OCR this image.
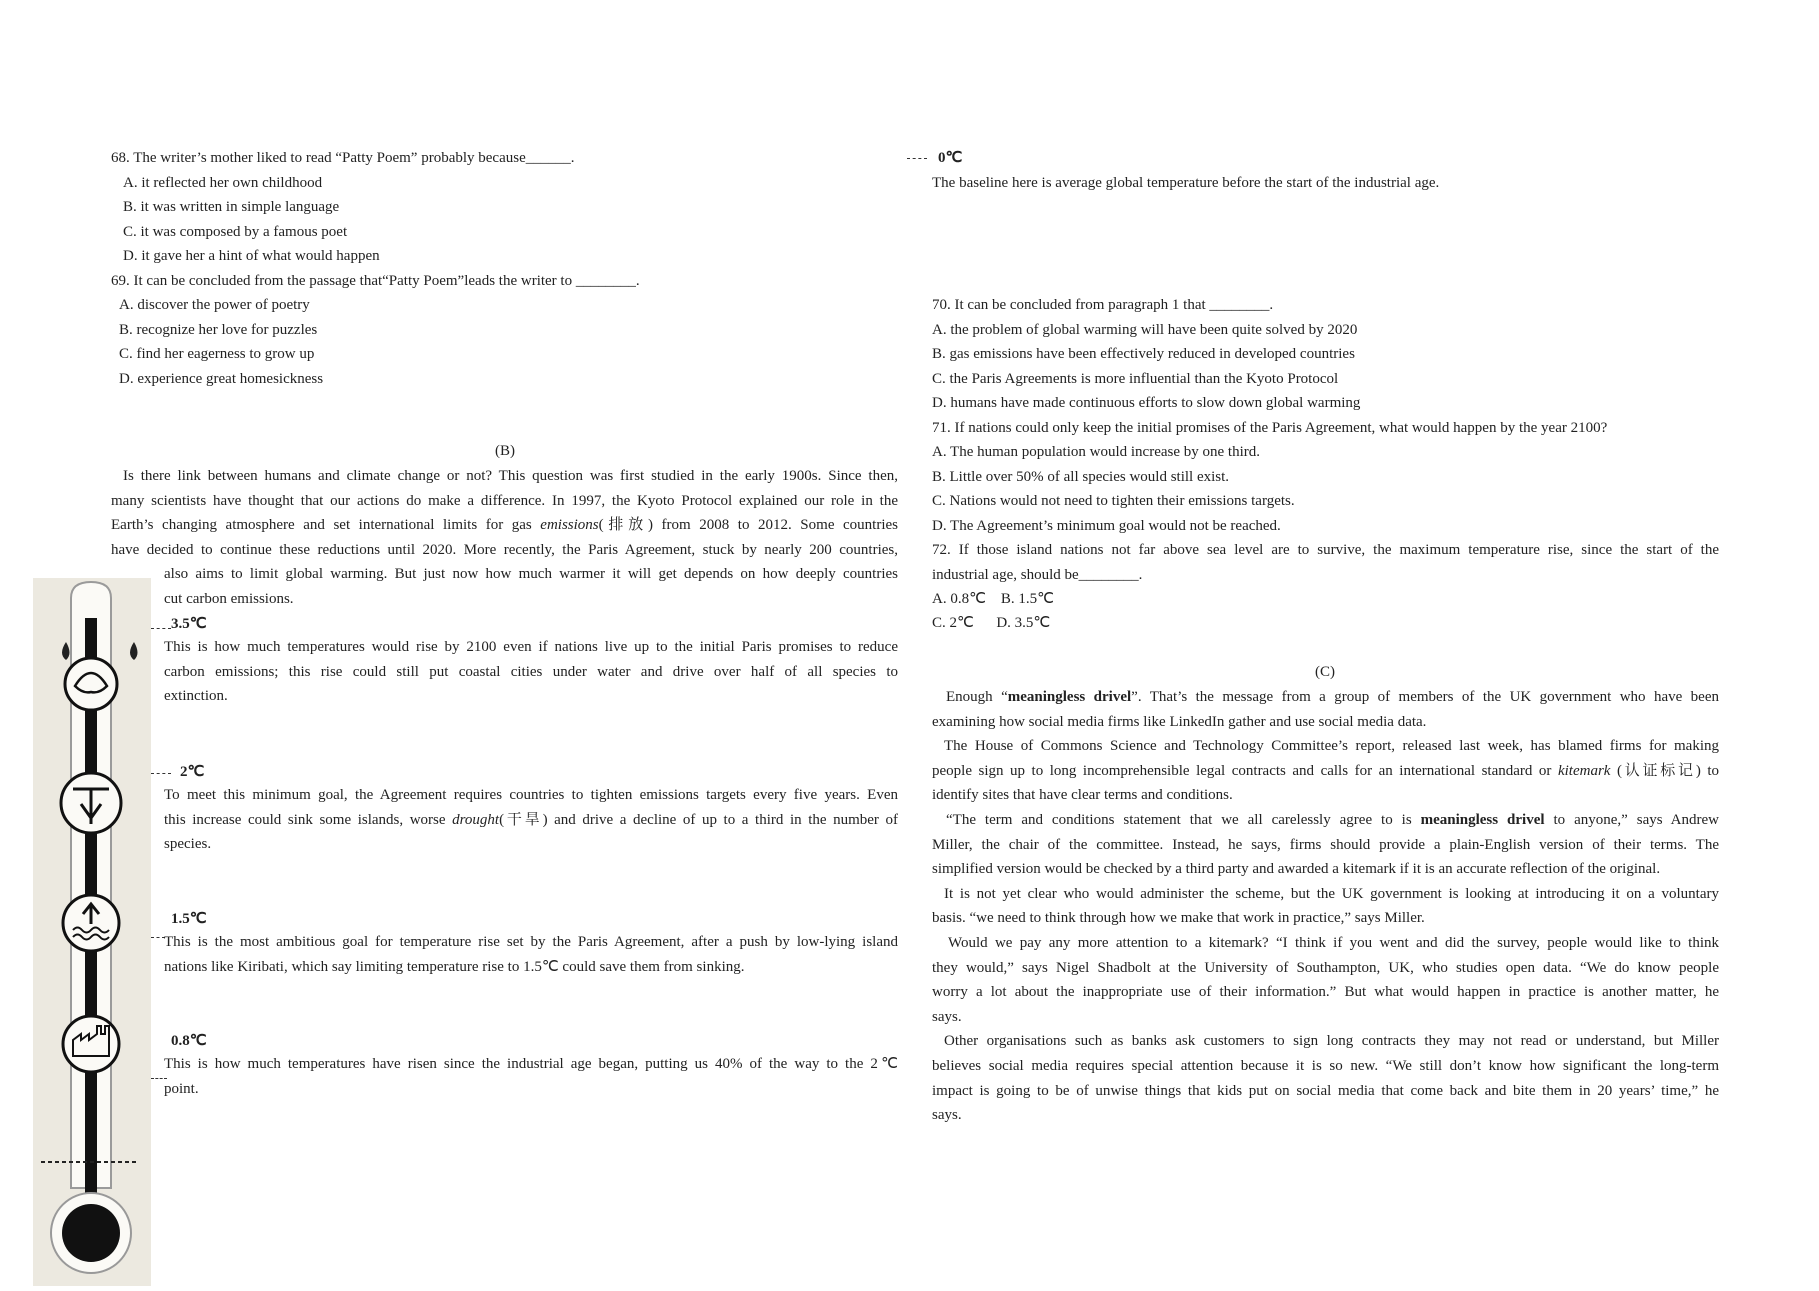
68. The writer’s mother liked to read “Patty Poem” probably because______.
A. it reflected her own childhood
B. it was written in simple language
C. it was composed by a famous poet
D. it gave her a hint of what would happen
69. It can be concluded from the passage that“Patty Poem”leads the writer to ________.
A. discover the power of poetry
B. recognize her love for puzzles
C. find her eagerness to grow up
D. experience great homesickness
(B)

Is there link between humans and climate change or not? This question was first studied in the early 1900s. Since then,

many scientists have thought that our actions do make a difference. In 1997, the Kyoto Protocol explained our role in the

Earth’s changing atmosphere and set international limits for gas emissions(排放) from 2008 to 2012. Some countries

have decided to continue these reductions until 2020. More recently, the Paris Agreement, stuck by nearly 200 countries,

also aims to limit global warming. But just now how much warmer it will get depends on how deeply countries

cut carbon emissions.

3.5℃

This is how much temperatures would rise by 2100 even if nations live up to the initial Paris promises to reduce

carbon emissions; this rise could still put coastal cities under water and drive over half of all species to

extinction.

2℃

To meet this minimum goal, the Agreement requires countries to tighten emissions targets every five years. Even

this increase could sink some islands, worse drought(干旱) and drive a decline of up to a third in the number of

species.

1.5℃

This is the most ambitious goal for temperature rise set by the Paris Agreement, after a push by low-lying island

nations like Kiribati, which say limiting temperature rise to 1.5℃ could save them from sinking.

0.8℃

This is how much temperatures have risen since the industrial age began, putting us 40% of the way to the 2℃

point.

0℃
The baseline here is average global temperature before the start of the industrial age.
70. It can be concluded from paragraph 1 that ________.
A. the problem of global warming will have been quite solved by 2020
B. gas emissions have been effectively reduced in developed countries
C. the Paris Agreements is more influential than the Kyoto Protocol
D. humans have made continuous efforts to slow down global warming
71. If nations could only keep the initial promises of the Paris Agreement, what would happen by the year 2100?
A. The human population would increase by one third.
B. Little over 50% of all species would still exist.
C. Nations would not need to tighten their emissions targets.
D. The Agreement’s minimum goal would not be reached.

72. If those island nations not far above sea level are to survive, the maximum temperature rise, since the start of the

industrial age, should be________.

A. 0.8℃    B. 1.5℃
C. 2℃      D. 3.5℃
(C)

Enough “meaningless drivel”. That’s the message from a group of members of the UK government who have been

examining how social media firms like LinkedIn gather and use social media data.

The House of Commons Science and Technology Committee’s report, released last week, has blamed firms for making

people sign up to long incomprehensible legal contracts and calls for an international standard or kitemark (认证标记) to

identify sites that have clear terms and conditions.

“The term and conditions statement that we all carelessly agree to is meaningless drivel to anyone,” says Andrew

Miller, the chair of the committee. Instead, he says, firms should provide a plain-English version of their terms. The

simplified version would be checked by a third party and awarded a kitemark if it is an accurate reflection of the original.

It is not yet clear who would administer the scheme, but the UK government is looking at introducing it on a voluntary

basis. “we need to think through how we make that work in practice,” says Miller.

Would we pay any more attention to a kitemark? “I think if you went and did the survey, people would like to think

they would,” says Nigel Shadbolt at the University of Southampton, UK, who studies open data. “We do know people

worry a lot about the inappropriate use of their information.” But what would happen in practice is another matter, he

says.

Other organisations such as banks ask customers to sign long contracts they may not read or understand, but Miller

believes social media requires special attention because it is so new. “We still don’t know how significant the long-term

impact is going to be of unwise things that kids put on social media that come back and bite them in 20 years’ time,” he

says.
